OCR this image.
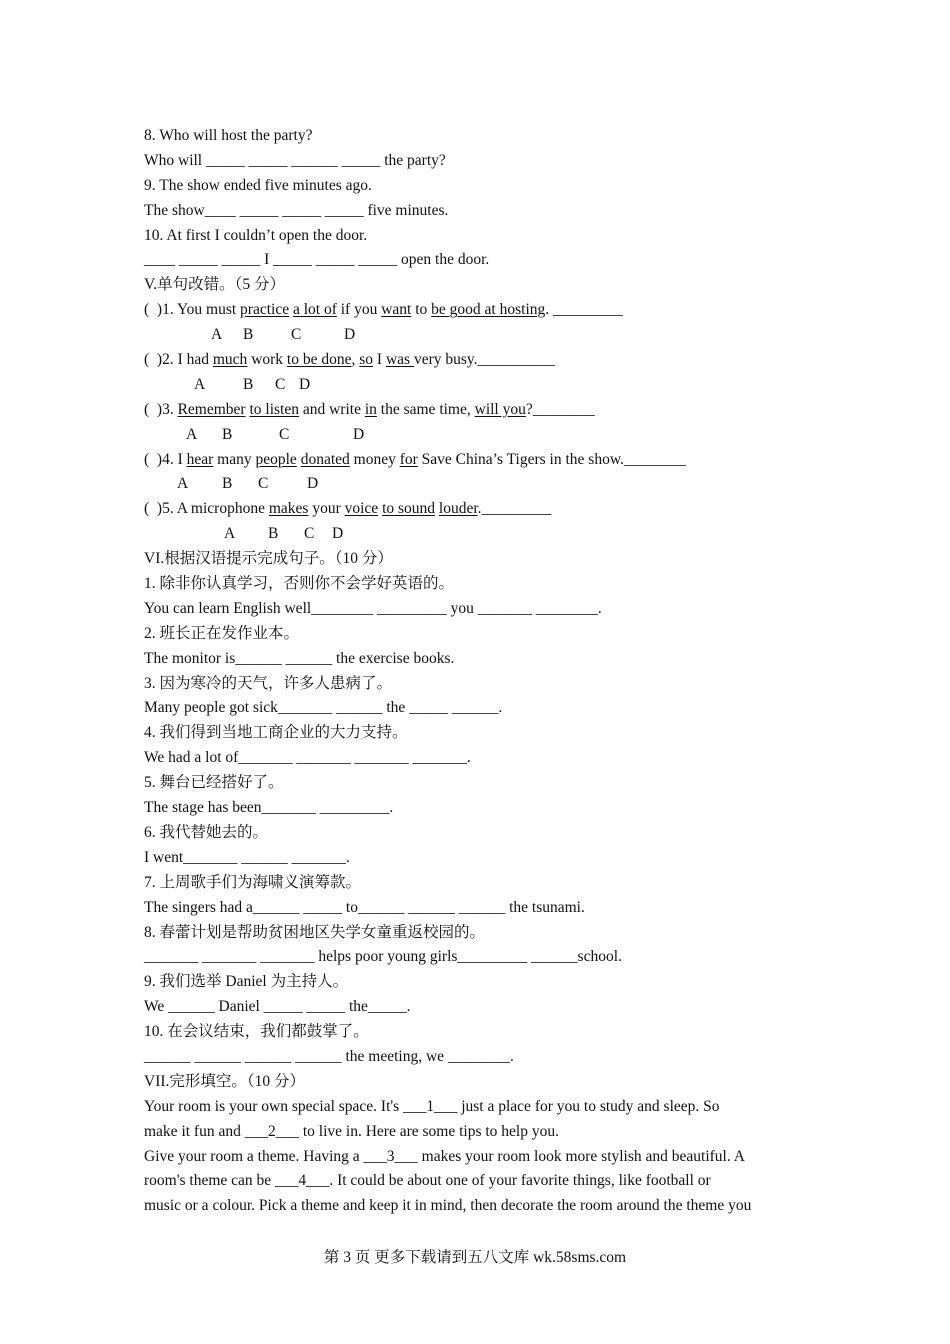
8. Who will host the party?
Who will _____ _____ ______ _____ the party?
9. The show ended five minutes ago.
The show____ _____ _____ _____ five minutes.
10. At first I couldn’t open the door.
____ _____ _____ I _____ _____ _____ open the door.
V.单句改错。（5 分）
(  )1. You must practice a lot of if you want to be good at hosting. _________

A B C	D

(  )2. I had much work to be done, so I was very busy.__________

A B C D

(  )3. Remember to listen and write in the same time, will you?________

A B	C	D

(  )4. I hear many people donated money for Save China’s Tigers in the show.________

A B C D

(  )5. A microphone makes your voice to sound louder._________

A B C D

VI.根据汉语提示完成句子。（10 分）
1. 除非你认真学习，否则你不会学好英语的。
You can learn English well________ _________ you _______ ________.
2. 班长正在发作业本。
The monitor is______ ______ the exercise books.
3. 因为寒冷的天气，许多人患病了。
Many people got sick_______ ______ the _____ ______.
4. 我们得到当地工商企业的大力支持。
We had a lot of_______ _______ _______ _______.
5. 舞台已经搭好了。
The stage has been_______ _________.
6. 我代替她去的。
I went_______ ______ _______.
7. 上周歌手们为海啸义演筹款。
The singers had a______ _____ to______ ______ ______ the tsunami.
8. 春蕾计划是帮助贫困地区失学女童重返校园的。
_______ _______ _______ helps poor young girls_________ ______school.
9. 我们选举 Daniel 为主持人。
We ______ Daniel _____ _____ the_____.
10. 在会议结束，我们都鼓掌了。
______ ______ ______ ______ the meeting, we ________.
VII.完形填空。（10 分）
Your room is your own special space. It's ___1___ just a place for you to study and sleep. So
make it fun and ___2___ to live in. Here are some tips to help you.
Give your room a theme. Having a ___3___ makes your room look more stylish and beautiful. A
room's theme can be ___4___. It could be about one of your favorite things, like football or
music or a colour. Pick a theme and keep it in mind, then decorate the room around the theme you
第 3 页 更多下载请到五八文库 wk.58sms.com
